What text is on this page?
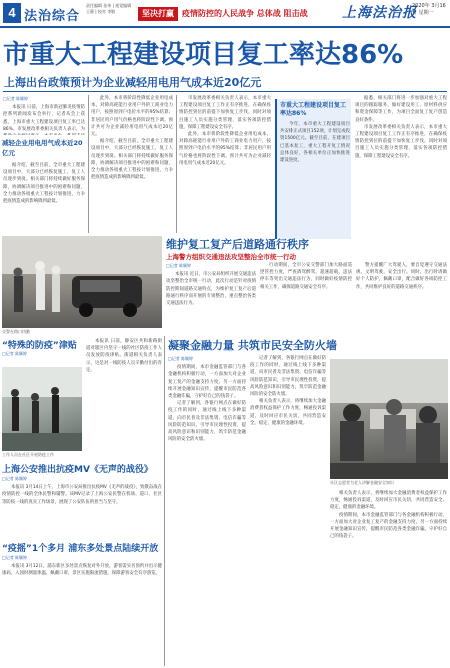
4 法治综合
责任编辑 张伟 | 视觉编辑 王静 | 校对 李敏	坚决打赢	疫情防控的人民战争 总体战 阻击战 上海法治报
2020年 3月16日 星期一
市重大工程建设项目复工率达86%
上海出台政策预计为企业减轻用电用气成本近20亿元
□记者 陈颖婷
本报讯 日前，上海市新冠肺炎疫情防控系列新闻发布会举行，记者从会上获悉，上海市重大工程建设项目复工率已达86%。市发展改革委相关负责人表示，为
减轻企业用电用气成本近20亿元
据介绍，截至目前，全市重大工程建设项目中，大部分已经恢复施工，复工人员逐步到岗。相关部门将持续做好服务保障，协调解决项目推进中的困难和问题，全力推动各项重大工程按计划推进，力争把疫情造成的影响降到最低。
此外，本市将阶段性降低企业用电成本，对除高耗能行业用户外的工商业电力用户，按照原到户电价水平的95%结算；非居民用户用气价格也将阶段性下调。预计共可为企业减轻用电用气成本近20亿元。
据介绍，截至目前，全市重大工程建设项目中，大部分已经恢复施工，复工人员逐步到岗。相关部门将持续做好服务保障，协调解决项目推进中的困难和问题，全力推动各项重大工程按计划推进，力争把疫情造成的影响降到最低。
市发展改革委相关负责人表示，本市重大工程建设项目复工工作正有序推进，在确保疫情防控到位的前提下加快复工步伐，同时对项目施工人员实施分类管理，落实各项防控措施，保障工程建设安全有序。
此外，本市将阶段性降低企业用电成本，对除高耗能行业用户外的工商业电力用户，按照原到户电价水平的95%结算；非居民用户用气价格也将阶段性下调。预计共可为企业减轻用电用气成本近20亿元。
市重大工程建设项目复工率达86%
今年，本市重大工程建设项目共安排正式项目152项，计划完成投资1500亿元。截至目前，在建项目已基本复工，重大工程开复工情况总体良好，各相关单位正加快推进建设进度。
据悉，相关部门将进一步加强对重大工程项目的跟踪服务，做好建设用工、原材料供应和资金保障等工作，为项目全面复工复产创造良好条件。
市发展改革委相关负责人表示，本市重大工程建设项目复工工作正有序推进，在确保疫情防控到位的前提下加快复工步伐，同时对项目施工人员实施分类管理，落实各项防控措施，保障工程建设安全有序。
维护复工复产后道路通行秩序
上海警方组织交通违法攻坚整治全市统一行动
□记者 陈颖婷
本报讯 近日，市公安局组织开展交通违法攻坚整治全市统一行动，此次行动是针对疫情防控期间道路交通特点，为维护复工复产后道路通行秩序而开展的专项整治，重点整治各类交通违法行为。
行动期间，全市公安交警部门加大路面巡逻管控力度，严查酒驾醉驾、超速超载、违法停车等突出交通违法行为，同时做好疫情防控相关工作，确保道路交通安全有序。
警方提醒广大驾驶人，要自觉遵守交通法规，文明驾驶，安全出行。同时，出行时请做好个人防护，佩戴口罩，配合做好各项防控工作，共同维护良好的道路交通秩序。
交警在路口执勤
“特殊的防疫”津贴
□记者 陈颖婷
本报讯 日前，静安区共和新路街道对辖区内坚守一线的社区防疫工作人员发放防疫津贴。街道相关负责人表示，这是对一线防疫人员辛勤付出的肯定。
工作人员在社区开展防疫工作
上海公安推出抗疫MV《无声的战役》
□记者 陈颖婷
本报讯 3月14日上午，上海市公安局推出抗疫MV《无声的战役》，致敬奋战在疫情防控一线的全体民警和辅警。该MV记录了上海公安民警在机场、道口、社区等防疫一线的真实工作场景，展现了公安队伍的担当与坚守。
“疫摇”1个多月 浦东多处景点陆续开放
□记者 陈颖婷
本报讯 3月12日，浦东新区多处景点恢复对外开放，游客需实名预约并出示健康码，入园时测量体温、佩戴口罩，景区实施限流措施，保障游客安全有序游览。
凝聚金融力量 共筑市民安全防火墙
□记者 陈颖婷
疫情期间，本市金融监管部门与各金融机构积极行动，一方面加大对企业复工复产的金融支持力度，另一方面持续开展金融知识宣传，提醒市民防范各类金融诈骗，守护好自己的钱袋子。
记者了解到，各银行网点在做好防疫工作的同时，通过线上线下多种渠道，向市民普及非法集资、电信诈骗等风险防范知识，引导市民理性投资，提高风险意识和识别能力，筑牢防范金融风险的安全防火墙。
记者了解到，各银行网点在做好防疫工作的同时，通过线上线下多种渠道，向市民普及非法集资、电信诈骗等风险防范知识，引导市民理性投资，提高风险意识和识别能力，筑牢防范金融风险的安全防火墙。
相关负责人表示，将继续加大金融消费者权益保护工作力度，畅通投诉渠道，及时回应市民关切，共同营造安全、稳定、健康的金融环境。
社区志愿者为老人讲解金融安全知识
相关负责人表示，将继续加大金融消费者权益保护工作力度，畅通投诉渠道，及时回应市民关切，共同营造安全、稳定、健康的金融环境。
疫情期间，本市金融监管部门与各金融机构积极行动，一方面加大对企业复工复产的金融支持力度，另一方面持续开展金融知识宣传，提醒市民防范各类金融诈骗，守护好自己的钱袋子。
